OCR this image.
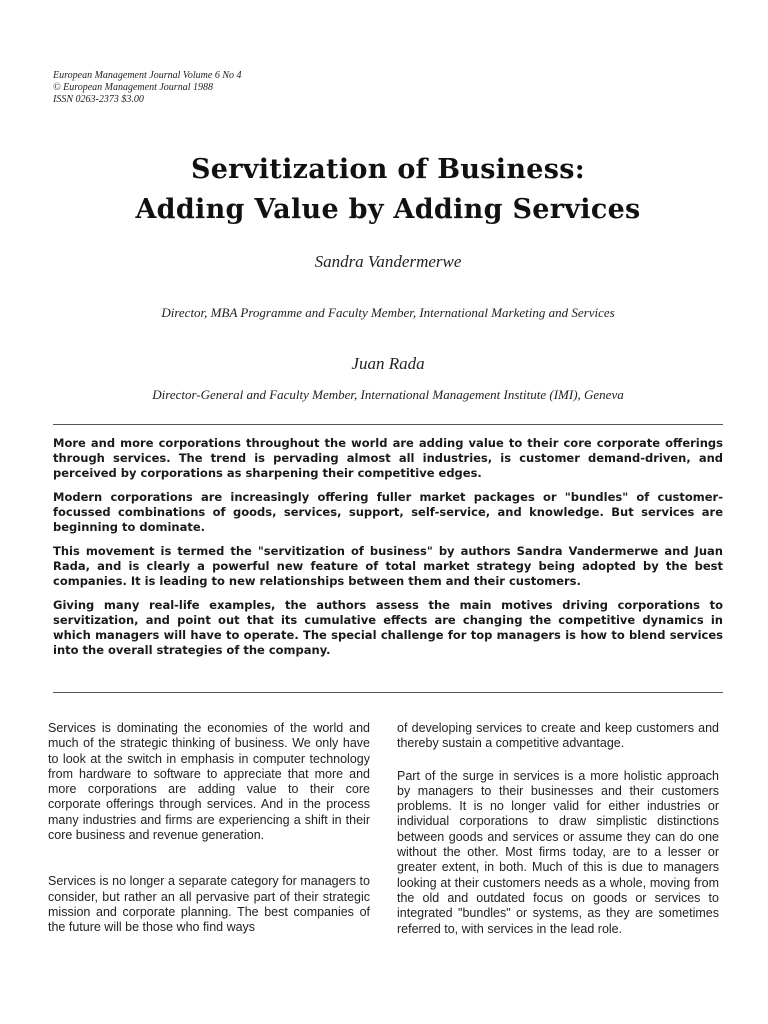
European Management Journal Volume 6 No 4
© European Management Journal 1988
ISSN 0263-2373 $3.00
Servitization of Business:
Adding Value by Adding Services
Sandra Vandermerwe
Director, MBA Programme and Faculty Member, International Marketing and Services
Juan Rada
Director-General and Faculty Member, International Management Institute (IMI), Geneva

More and more corporations throughout the world are adding value to their core corporate offerings through services. The trend is pervading almost all industries, is customer demand-driven, and perceived by corporations as sharpening their competitive edges.

Modern corporations are increasingly offering fuller market packages or "bundles" of customer-focussed combinations of goods, services, support, self-service, and knowledge. But services are beginning to dominate.

This movement is termed the "servitization of business" by authors Sandra Vandermerwe and Juan Rada, and is clearly a powerful new feature of total market strategy being adopted by the best companies. It is leading to new relationships between them and their customers.

Giving many real-life examples, the authors assess the main motives driving corporations to servitization, and point out that its cumulative effects are changing the competitive dynamics in which managers will have to operate. The special challenge for top managers is how to blend services into the overall strategies of the company.

Services is dominating the economies of the world and much of the strategic thinking of business. We only have to look at the switch in emphasis in computer technology from hardware to software to appreciate that more and more corporations are adding value to their core corporate offerings through services. And in the process many industries and firms are experiencing a shift in their core business and revenue generation.

Services is no longer a separate category for managers to consider, but rather an all pervasive part of their strategic mission and corporate planning. The best companies of the future will be those who find ways

of developing services to create and keep customers and thereby sustain a competitive advantage.

Part of the surge in services is a more holistic approach by managers to their businesses and their customers problems. It is no longer valid for either industries or individual corporations to draw simplistic distinctions between goods and services or assume they can do one without the other. Most firms today, are to a lesser or greater extent, in both. Much of this is due to managers looking at their customers needs as a whole, moving from the old and outdated focus on goods or services to integrated "bundles" or systems, as they are sometimes referred to, with services in the lead role.
